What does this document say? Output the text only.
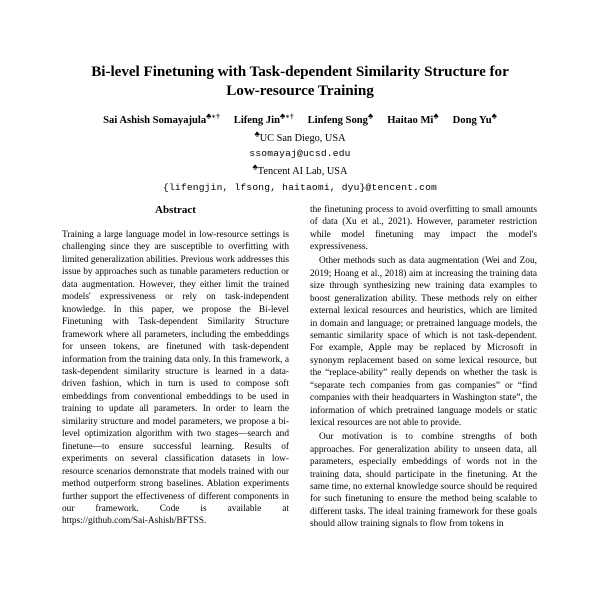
Bi-level Finetuning with Task-dependent Similarity Structure for
Low-resource Training
Sai Ashish Somayajula♣∗† Lifeng Jin♣∗† Linfeng Song♣ Haitao Mi♣ Dong Yu♣
♣UC San Diego, USA
ssomayaj@ucsd.edu
♣Tencent AI Lab, USA
{lifengjin, lfsong, haitaomi, dyu}@tencent.com
Abstract

Training a large language model in low-resource settings is challenging since they are susceptible to overfitting with limited generalization abilities. Previous work addresses this issue by approaches such as tunable parameters reduction or data augmentation. However, they either limit the trained models' expressiveness or rely on task-independent knowledge. In this paper, we propose the Bi-level Finetuning with Task-dependent Similarity Structure framework where all parameters, including the embeddings for unseen tokens, are finetuned with task-dependent information from the training data only. In this framework, a task-dependent similarity structure is learned in a data-driven fashion, which in turn is used to compose soft embeddings from conventional embeddings to be used in training to update all parameters. In order to learn the similarity structure and model parameters, we propose a bi-level optimization algorithm with two stages—search and finetune—to ensure successful learning. Results of experiments on several classification datasets in low-resource scenarios demonstrate that models trained with our method outperform strong baselines. Ablation experiments further support the effectiveness of different components in our framework. Code is available at https://github.com/Sai-Ashish/BFTSS.

the finetuning process to avoid overfitting to small amounts of data (Xu et al., 2021). However, parameter restriction while model finetuning may impact the model's expressiveness.

Other methods such as data augmentation (Wei and Zou, 2019; Hoang et al., 2018) aim at increasing the training data size through synthesizing new training data examples to boost generalization ability. These methods rely on either external lexical resources and heuristics, which are limited in domain and language; or pretrained language models, the semantic similarity space of which is not task-dependent. For example, Apple may be replaced by Microsoft in synonym replacement based on some lexical resource, but the “replace-ability” really depends on whether the task is “separate tech companies from gas companies” or “find companies with their headquarters in Washington state”, the information of which pretrained language models or static lexical resources are not able to provide.

Our motivation is to combine strengths of both approaches. For generalization ability to unseen data, all parameters, especially embeddings of words not in the training data, should participate in the finetuning. At the same time, no external knowledge source should be required for such finetuning to ensure the method being scalable to different tasks. The ideal training framework for these goals should allow training signals to flow from tokens in
